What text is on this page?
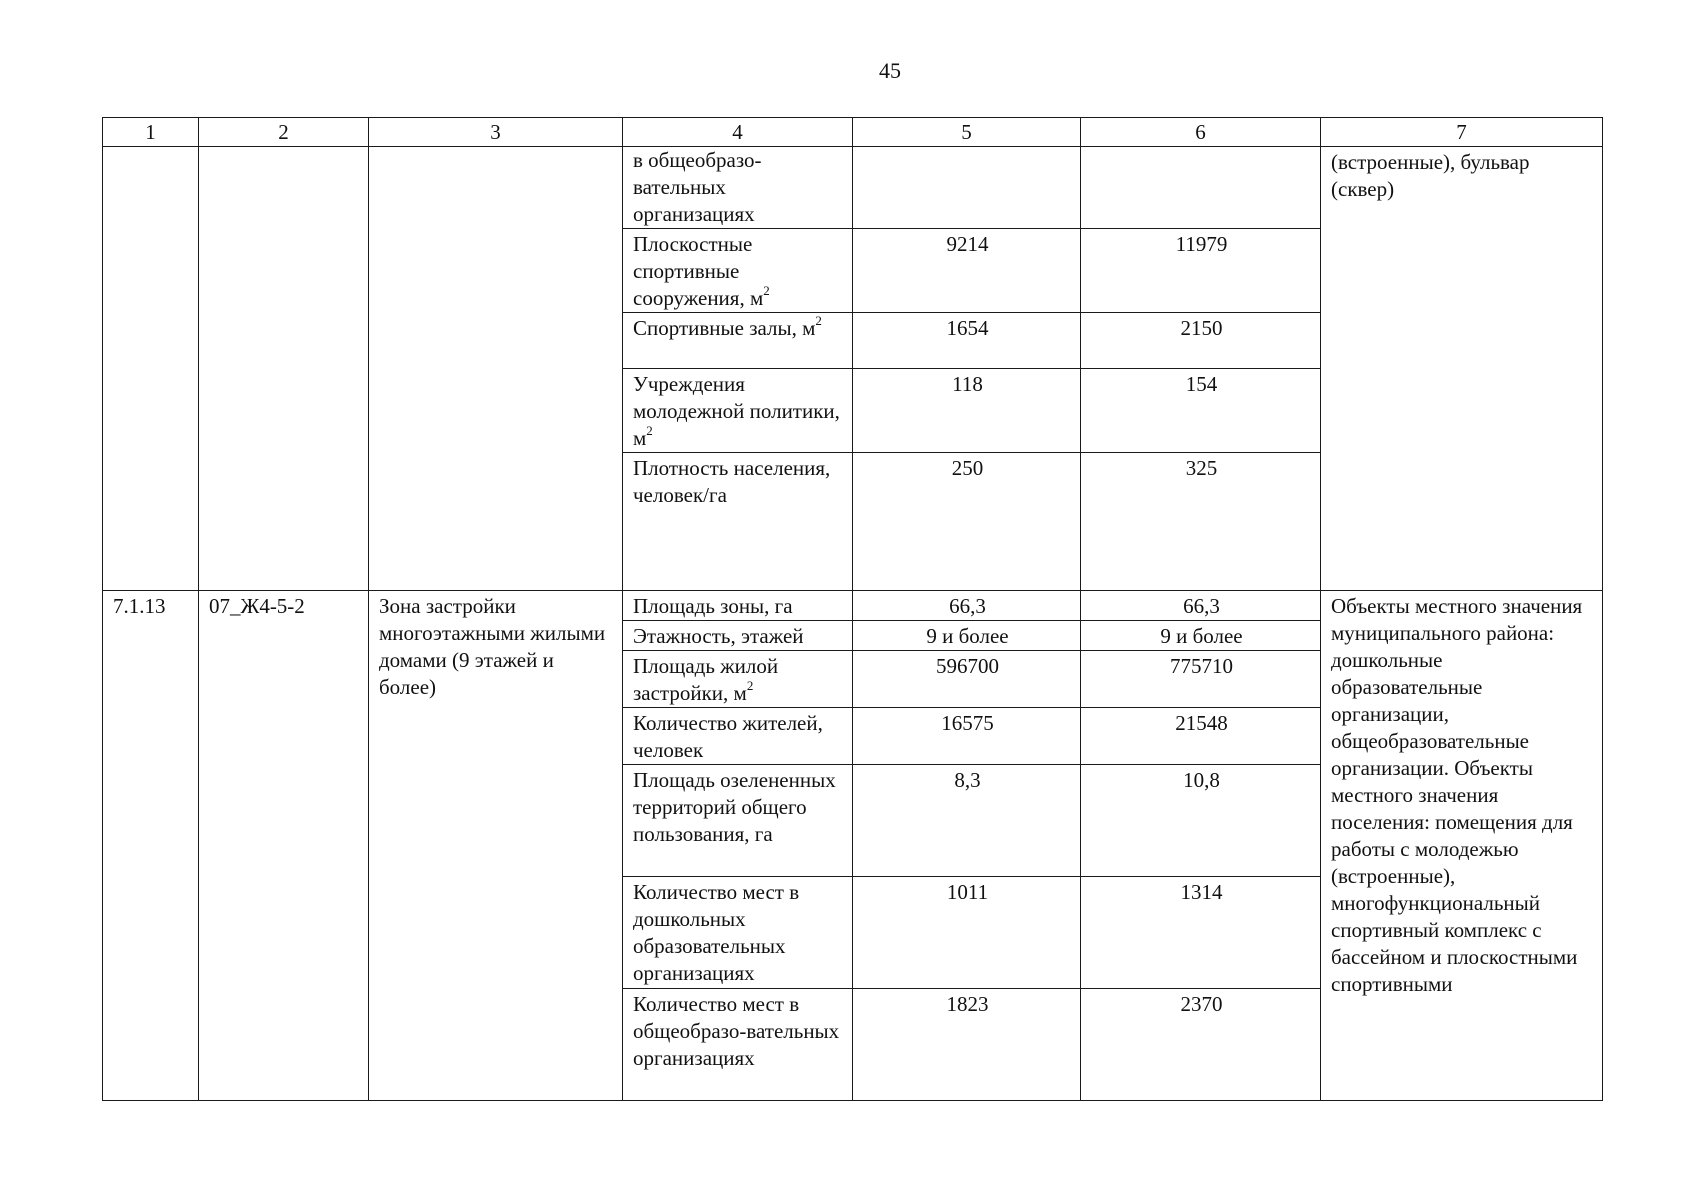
45
1	2	3	4	5	6	7
			в общеобразо-вательных организациях			(встроенные), бульвар (сквер)
			Плоскостные спортивные сооружения, $м^2$	9214	11979	
			Спортивные залы, $м^2$	1654	2150	
			Учреждения молодежной политики, $м^2$	118	154	
			Плотность населения, человек/га	250	325	
7.1.13	07_Ж4-5-2	Зона застройки многоэтажными жилыми домами (9 этажей и более)	Площадь зоны, га	66,3	66,3	Объекты местного значения муниципального района: дошкольные образовательные организации, общеобразовательные организации. Объекты местного значения поселения: помещения для работы с молодежью (встроенные), многофункциональный спортивный комплекс с бассейном и плоскостными спортивными
			Этажность, этажей	9 и более	9 и более	
			Площадь жилой застройки, $м^2$	596700	775710	
			Количество жителей, человек	16575	21548	
			Площадь озелененных территорий общего пользования, га	8,3	10,8	
			Количество мест в дошкольных образовательных организациях	1011	1314	
			Количество мест в общеобразо-вательных организациях	1823	2370	
